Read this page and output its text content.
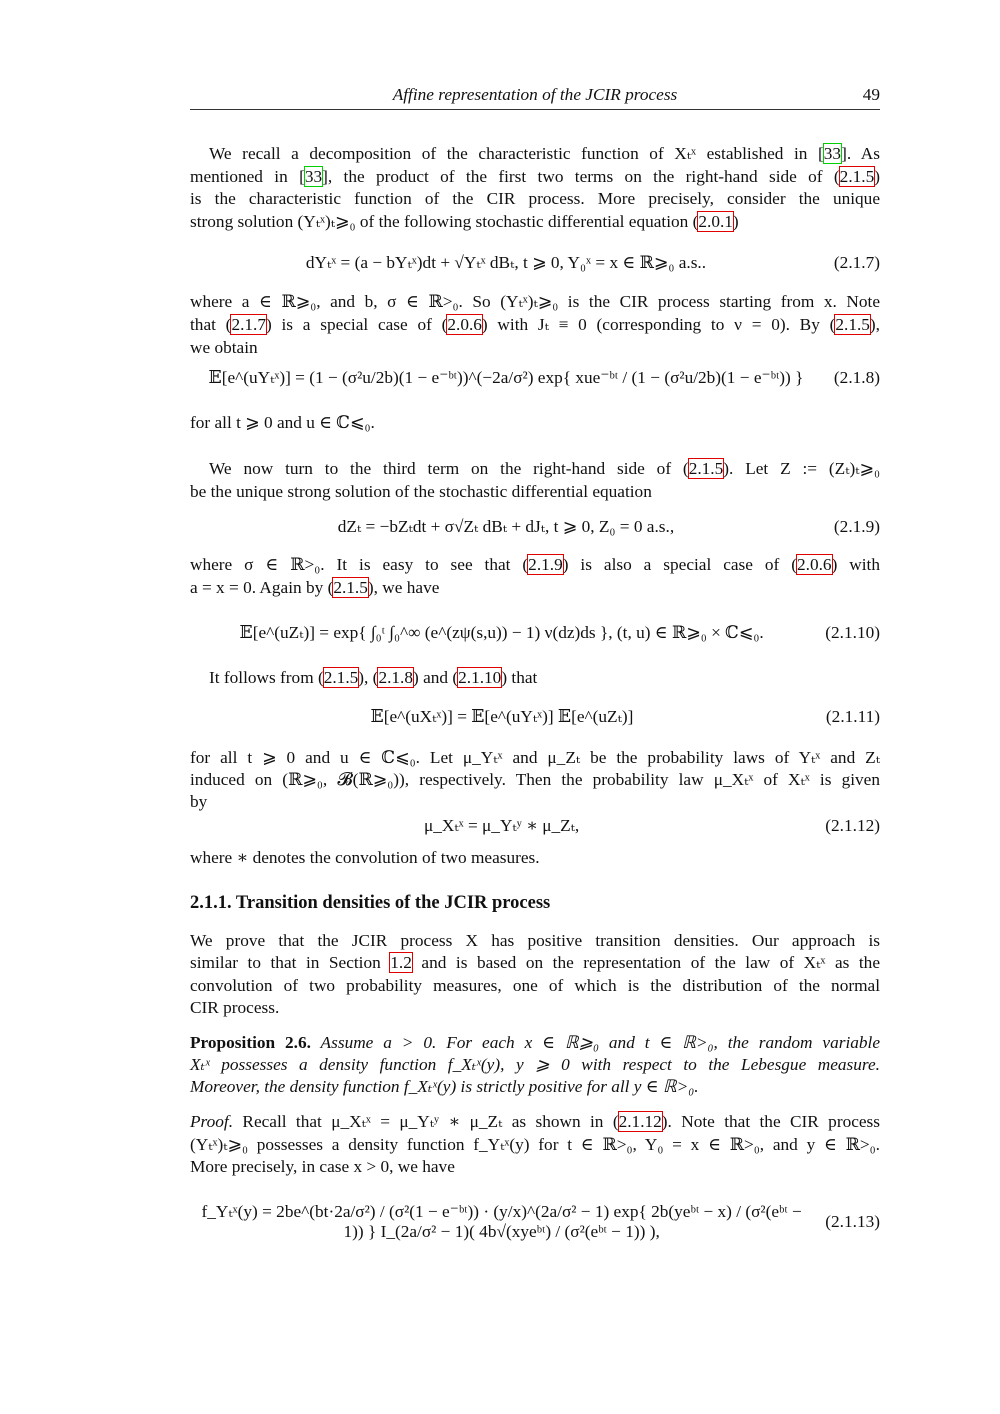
Affine representation of the JCIR process	49
We recall a decomposition of the characteristic function of Xₜˣ established in [33]. As
mentioned in [33], the product of the first two terms on the right-hand side of (2.1.5)
is the characteristic function of the CIR process. More precisely, consider the unique
strong solution (Yₜˣ)ₜ⩾₀ of the following stochastic differential equation (2.0.1)
dYₜˣ = (a − bYₜˣ)dt + √Yₜˣ dBₜ, t ⩾ 0, Y₀ˣ = x ∈ ℝ⩾₀ a.s..	(2.1.7)
where a ∈ ℝ⩾₀, and b, σ ∈ ℝ>₀. So (Yₜˣ)ₜ⩾₀ is the CIR process starting from x. Note
that (2.1.7) is a special case of (2.0.6) with Jₜ ≡ 0 (corresponding to ν = 0). By (2.1.5),
we obtain
𝔼[e^(uYₜˣ)] = (1 − (σ²u/2b)(1 − e⁻ᵇᵗ))^(−2a/σ²) exp{ xue⁻ᵇᵗ / (1 − (σ²u/2b)(1 − e⁻ᵇᵗ)) }	(2.1.8)
for all t ⩾ 0 and u ∈ ℂ⩽₀.
We now turn to the third term on the right-hand side of (2.1.5). Let Z := (Zₜ)ₜ⩾₀
be the unique strong solution of the stochastic differential equation
dZₜ = −bZₜdt + σ√Zₜ dBₜ + dJₜ, t ⩾ 0, Z₀ = 0 a.s.,	(2.1.9)
where σ ∈ ℝ>₀. It is easy to see that (2.1.9) is also a special case of (2.0.6) with
a = x = 0. Again by (2.1.5), we have
𝔼[e^(uZₜ)] = exp{ ∫₀ᵗ ∫₀^∞ (e^(zψ(s,u)) − 1) ν(dz)ds }, (t, u) ∈ ℝ⩾₀ × ℂ⩽₀.	(2.1.10)
It follows from (2.1.5), (2.1.8) and (2.1.10) that
𝔼[e^(uXₜˣ)] = 𝔼[e^(uYₜˣ)] 𝔼[e^(uZₜ)]	(2.1.11)
for all t ⩾ 0 and u ∈ ℂ⩽₀. Let μ_Yₜˣ and μ_Zₜ be the probability laws of Yₜˣ and Zₜ
induced on (ℝ⩾₀, 𝓑(ℝ⩾₀)), respectively. Then the probability law μ_Xₜˣ of Xₜˣ is given
by
μ_Xₜˣ = μ_Yₜʸ ∗ μ_Zₜ,	(2.1.12)
where ∗ denotes the convolution of two measures.
2.1.1. Transition densities of the JCIR process
We prove that the JCIR process X has positive transition densities. Our approach is
similar to that in Section 1.2 and is based on the representation of the law of Xₜˣ as the
convolution of two probability measures, one of which is the distribution of the normal
CIR process.
Proposition 2.6. Assume a > 0. For each x ∈ ℝ⩾₀ and t ∈ ℝ>₀, the random variable
Xₜˣ possesses a density function f_Xₜˣ(y), y ⩾ 0 with respect to the Lebesgue measure.
Moreover, the density function f_Xₜˣ(y) is strictly positive for all y ∈ ℝ>₀.
Proof. Recall that μ_Xₜˣ = μ_Yₜʸ ∗ μ_Zₜ as shown in (2.1.12). Note that the CIR process
(Yₜˣ)ₜ⩾₀ possesses a density function f_Yₜˣ(y) for t ∈ ℝ>₀, Y₀ = x ∈ ℝ>₀, and y ∈ ℝ>₀.
More precisely, in case x > 0, we have
f_Yₜˣ(y) = 2be^(bt·2a/σ²) / (σ²(1 − e⁻ᵇᵗ)) · (y/x)^(2a/σ² − 1) exp{ 2b(yeᵇᵗ − x) / (σ²(eᵇᵗ − 1)) } I_(2a/σ² − 1)( 4b√(xyeᵇᵗ) / (σ²(eᵇᵗ − 1)) ),
(2.1.13)
